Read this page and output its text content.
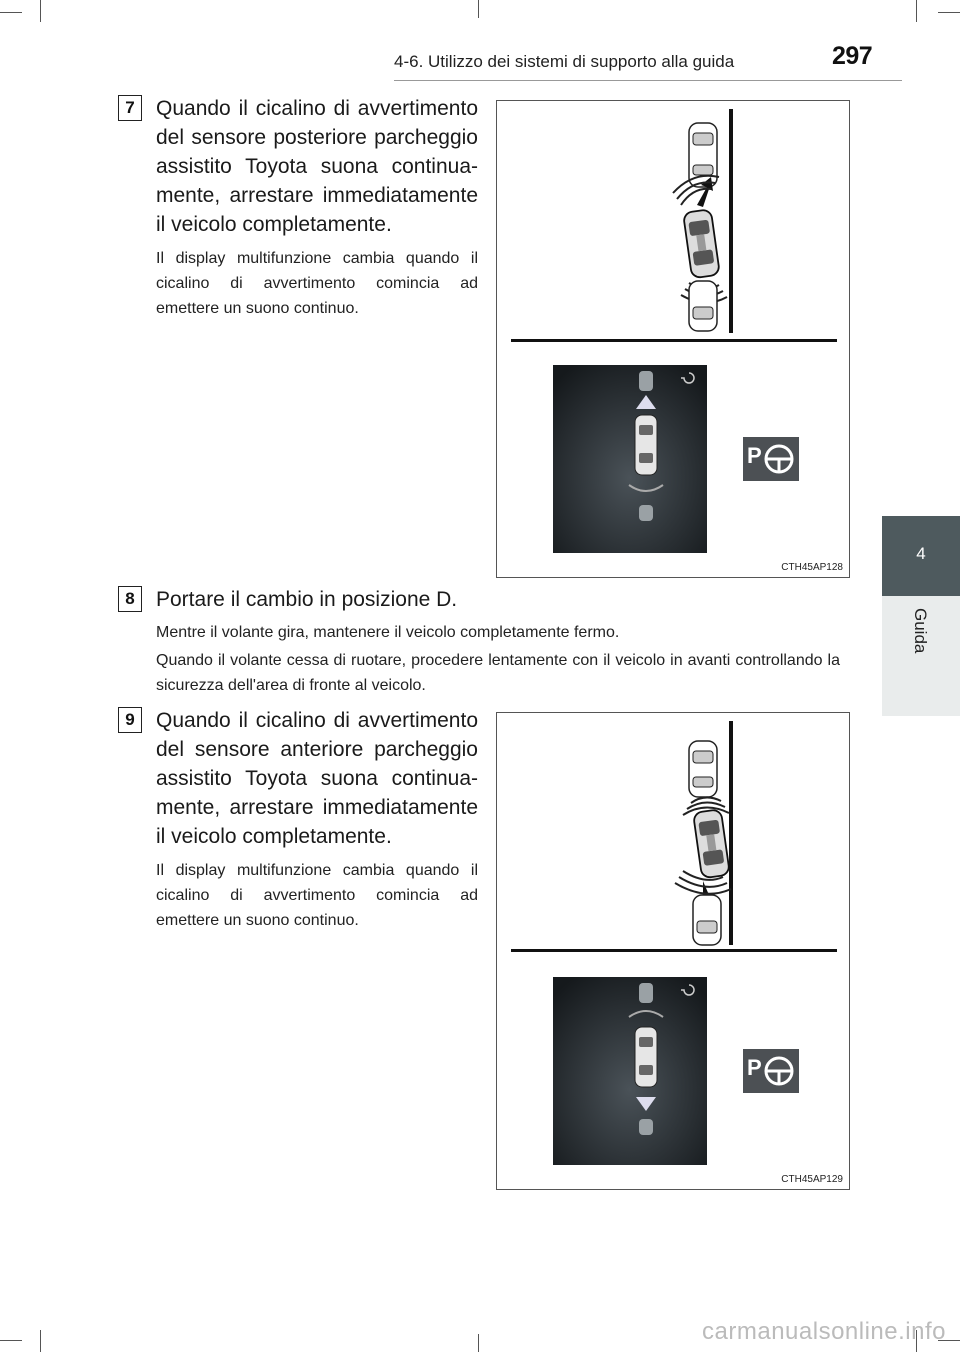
4-6. Utilizzo dei sistemi di supporto alla guida	297
4
Guida
7	Quando il cicalino di avvertimento del sensore posteriore parcheggio assistito Toyota suona continua-mente, arrestare immediatamente il veicolo completamente.
Il display multifunzione cambia quando il cicalino di avvertimento comincia ad emettere un suono continuo.
P
CTH45AP128
8	Portare il cambio in posizione D.
Mentre il volante gira, mantenere il veicolo completamente fermo.
Quando il volante cessa di ruotare, procedere lentamente con il veicolo in avanti controllando la sicurezza dell'area di fronte al veicolo.
9	Quando il cicalino di avvertimento del sensore anteriore parcheggio assistito Toyota suona continua-mente, arrestare immediatamente il veicolo completamente.
Il display multifunzione cambia quando il cicalino di avvertimento comincia ad emettere un suono continuo.
P
CTH45AP129
carmanualsonline.info
